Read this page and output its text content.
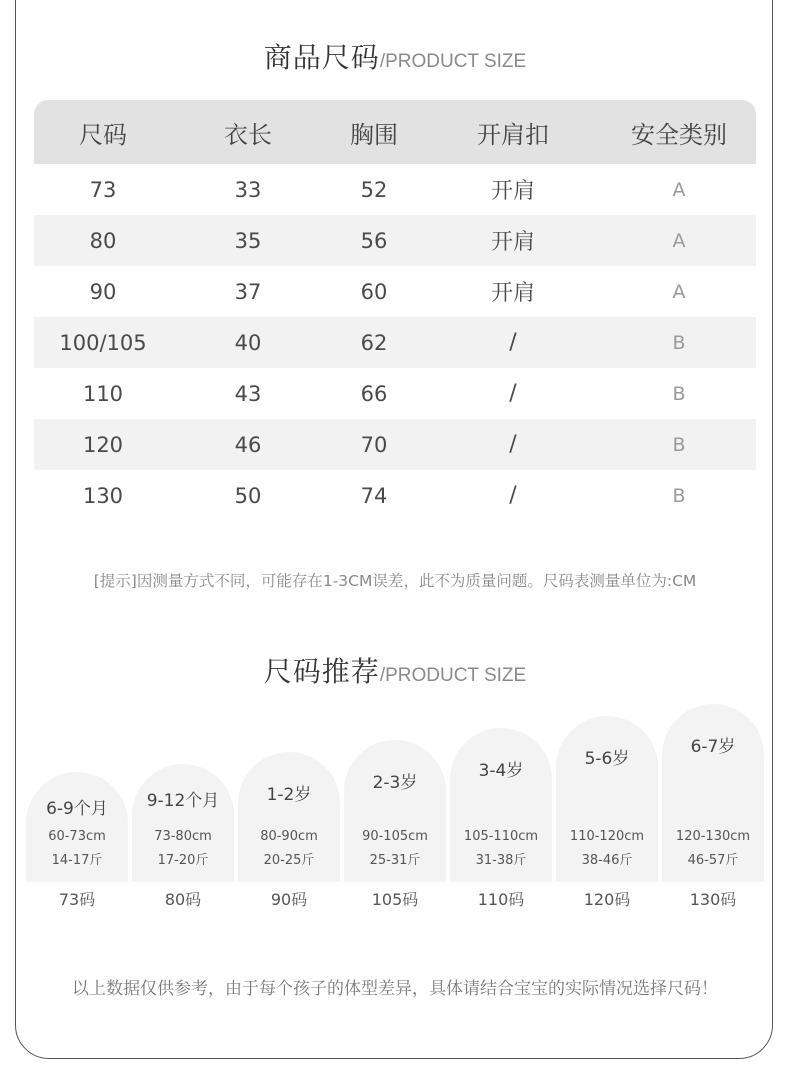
商品尺码/PRODUCT SIZE
尺码	衣长	胸围	开肩扣	安全类别
73	33	52	开肩	A
80	35	56	开肩	A
90	37	60	开肩	A
100/105	40	62	/	B
110	43	66	/	B
120	46	70	/	B
130	50	74	/	B
[提示]因测量方式不同，可能存在1-3CM误差，此不为质量问题。尺码表测量单位为:CM
尺码推荐/PRODUCT SIZE
6-9个月
60-73cm
14-17斤
73码
9-12个月
73-80cm
17-20斤
80码
1-2岁
80-90cm
20-25斤
90码
2-3岁
90-105cm
25-31斤
105码
3-4岁
105-110cm
31-38斤
110码
5-6岁
110-120cm
38-46斤
120码
6-7岁
120-130cm
46-57斤
130码
以上数据仅供参考，由于每个孩子的体型差异，具体请结合宝宝的实际情况选择尺码！
